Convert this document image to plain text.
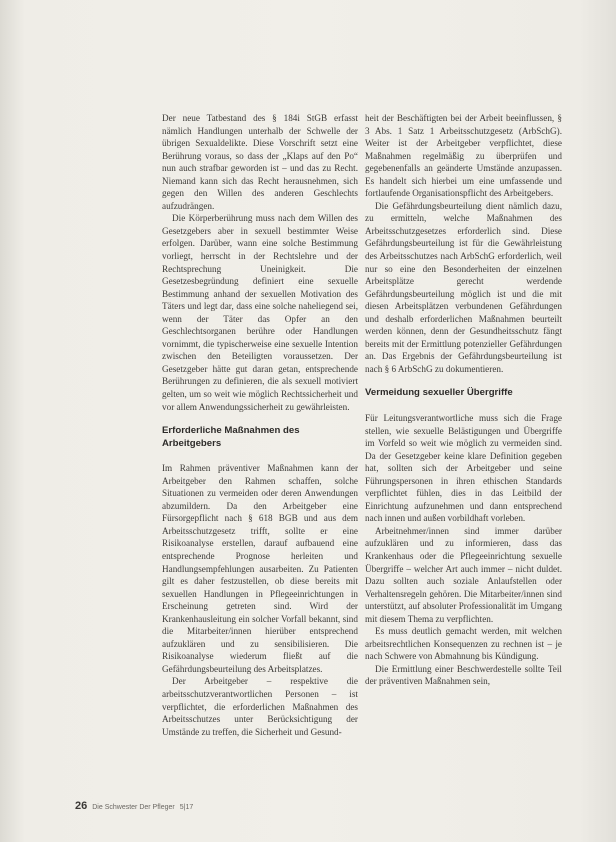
Der neue Tatbestand des § 184i StGB erfasst nämlich Handlungen unterhalb der Schwelle der übrigen Sexualdelikte. Diese Vorschrift setzt eine Berührung voraus, so dass der „Klaps auf den Po“ nun auch strafbar geworden ist – und das zu Recht. Niemand kann sich das Recht herausnehmen, sich gegen den Willen des anderen Geschlechts aufzudrängen.

Die Körperberührung muss nach dem Willen des Gesetzgebers aber in sexuell bestimmter Weise erfolgen. Darüber, wann eine solche Bestimmung vorliegt, herrscht in der Rechtslehre und der Rechtsprechung Uneinigkeit. Die Gesetzesbegründung definiert eine sexuelle Bestimmung anhand der sexuellen Motivation des Täters und legt dar, dass eine solche naheliegend sei, wenn der Täter das Opfer an den Geschlechtsorganen berühre oder Handlungen vornimmt, die typischerweise eine sexuelle Intention zwischen den Beteiligten voraussetzen. Der Gesetzgeber hätte gut daran getan, entsprechende Berührungen zu definieren, die als sexuell motiviert gelten, um so weit wie möglich Rechtssicherheit und vor allem Anwendungssicherheit zu gewährleisten.

Erforderliche Maßnahmen des Arbeitgebers

Im Rahmen präventiver Maßnahmen kann der Arbeitgeber den Rahmen schaffen, solche Situationen zu vermeiden oder deren Anwendungen abzumildern. Da den Arbeitgeber eine Fürsorgepflicht nach § 618 BGB und aus dem Arbeitsschutzgesetz trifft, sollte er eine Risikoanalyse erstellen, darauf aufbauend eine entsprechende Prognose herleiten und Handlungsempfehlungen ausarbeiten. Zu Patienten gilt es daher festzustellen, ob diese bereits mit sexuellen Handlungen in Pflegeeinrichtungen in Erscheinung getreten sind. Wird der Krankenhausleitung ein solcher Vorfall bekannt, sind die Mitarbeiter/innen hierüber entsprechend aufzuklären und zu sensibilisieren. Die Risikoanalyse wiederum fließt auf die Gefährdungsbeurteilung des Arbeitsplatzes.

Der Arbeitgeber – respektive die arbeitsschutzverantwortlichen Personen – ist verpflichtet, die erforderlichen Maßnahmen des Arbeitsschutzes unter Berücksichtigung der Umstände zu treffen, die Sicherheit und Gesund-

heit der Beschäftigten bei der Arbeit beeinflussen, § 3 Abs. 1 Satz 1 Arbeitsschutzgesetz (ArbSchG). Weiter ist der Arbeitgeber verpflichtet, diese Maßnahmen regelmäßig zu überprüfen und gegebenenfalls an geänderte Umstände anzupassen. Es handelt sich hierbei um eine umfassende und fortlaufende Organisationspflicht des Arbeitgebers.

Die Gefährdungsbeurteilung dient nämlich dazu, zu ermitteln, welche Maßnahmen des Arbeitsschutzgesetzes erforderlich sind. Diese Gefährdungsbeurteilung ist für die Gewährleistung des Arbeitsschutzes nach ArbSchG erforderlich, weil nur so eine den Besonderheiten der einzelnen Arbeitsplätze gerecht werdende Gefährdungsbeurteilung möglich ist und die mit diesen Arbeitsplätzen verbundenen Gefährdungen und deshalb erforderlichen Maßnahmen beurteilt werden können, denn der Gesundheitsschutz fängt bereits mit der Ermittlung potenzieller Gefährdungen an. Das Ergebnis der Gefährdungsbeurteilung ist nach § 6 ArbSchG zu dokumentieren.

Vermeidung sexueller Übergriffe

Für Leitungsverantwortliche muss sich die Frage stellen, wie sexuelle Belästigungen und Übergriffe im Vorfeld so weit wie möglich zu vermeiden sind. Da der Gesetzgeber keine klare Definition gegeben hat, sollten sich der Arbeitgeber und seine Führungspersonen in ihren ethischen Standards verpflichtet fühlen, dies in das Leitbild der Einrichtung aufzunehmen und dann entsprechend nach innen und außen vorbildhaft vorleben.

Arbeitnehmer/innen sind immer darüber aufzuklären und zu informieren, dass das Krankenhaus oder die Pflegeeinrichtung sexuelle Übergriffe – welcher Art auch immer – nicht duldet. Dazu sollten auch soziale Anlaufstellen oder Verhaltensregeln gehören. Die Mitarbeiter/innen sind unterstützt, auf absoluter Professionalität im Umgang mit diesem Thema zu verpflichten.

Es muss deutlich gemacht werden, mit welchen arbeitsrechtlichen Konsequenzen zu rechnen ist – je nach Schwere von Abmahnung bis Kündigung.

Die Ermittlung einer Beschwerdestelle sollte Teil der präventiven Maßnahmen sein,

26 Die Schwester Der Pfleger 5|17
